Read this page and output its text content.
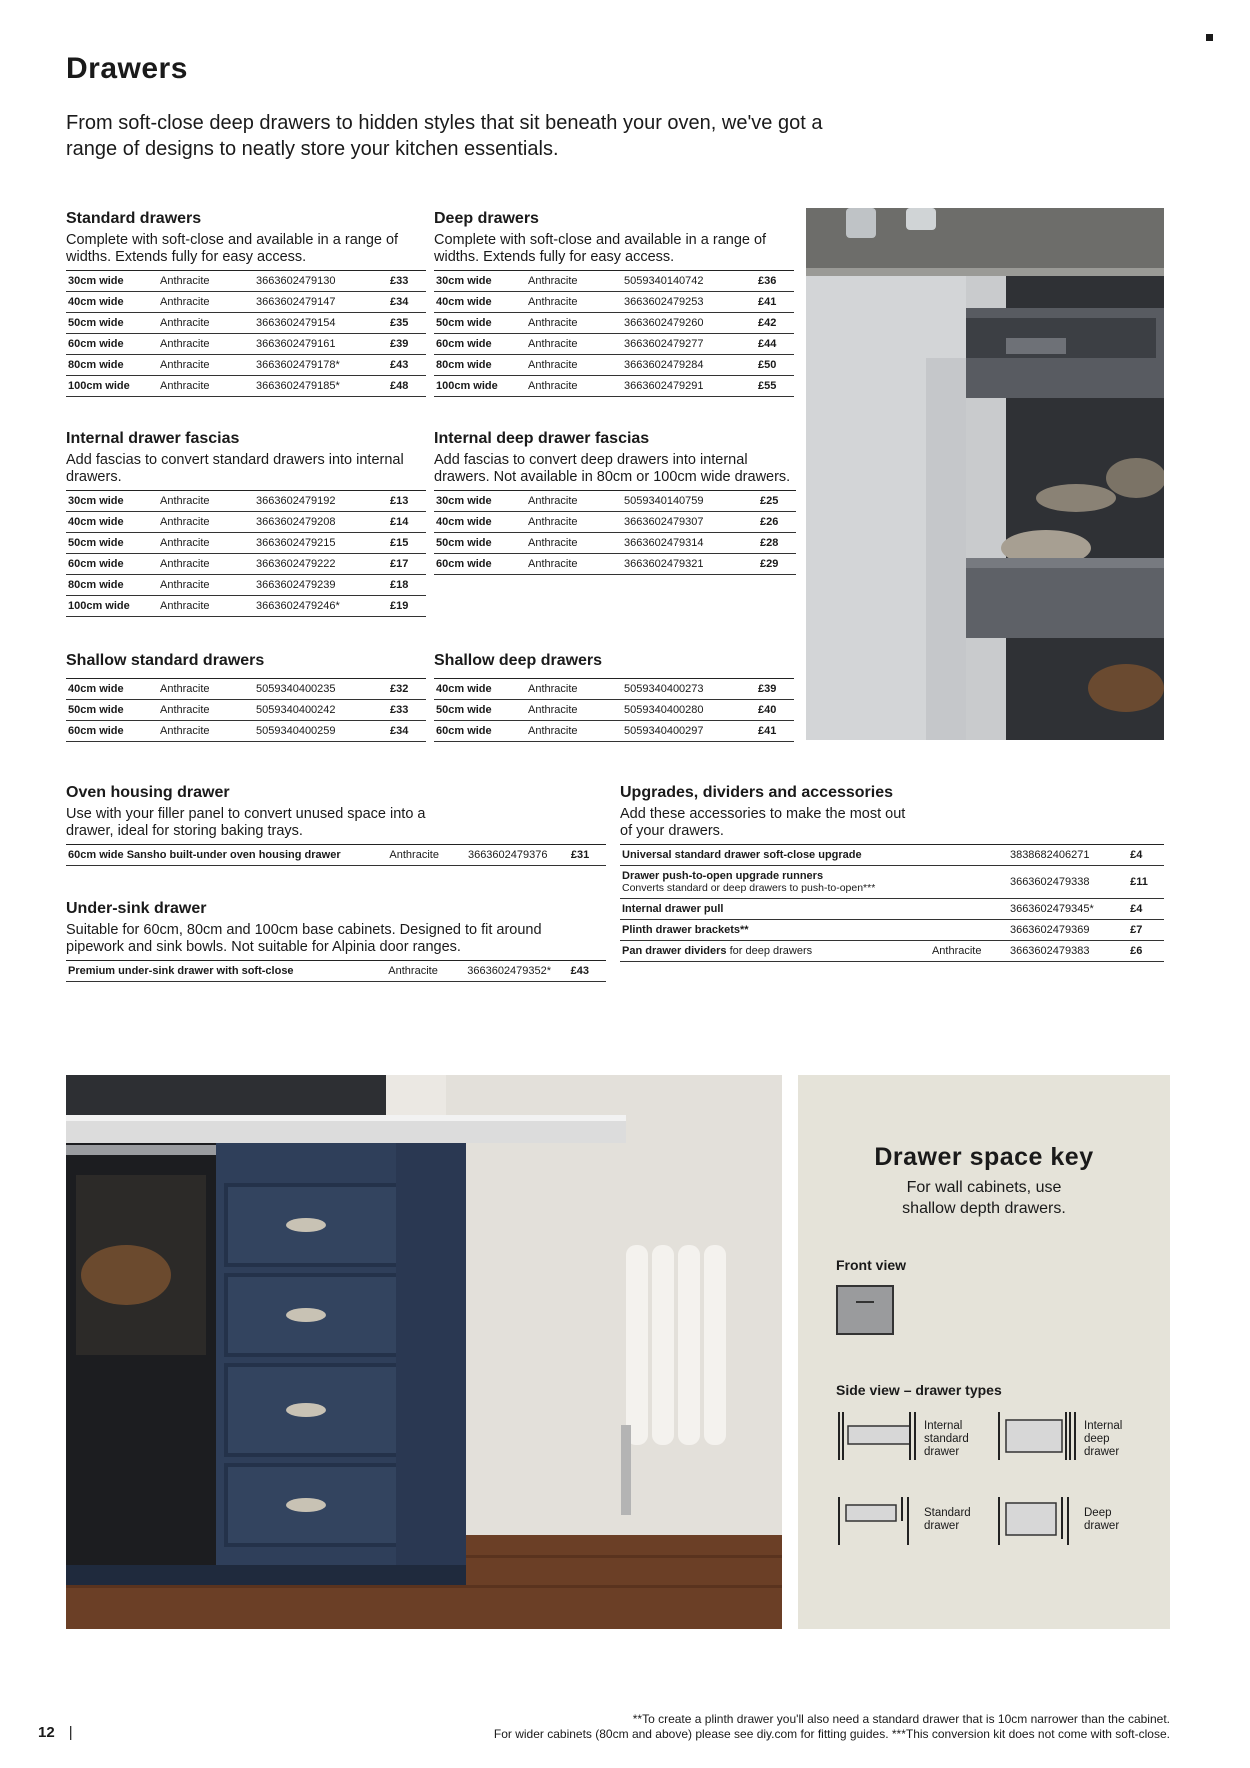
Drawers

From soft-close deep drawers to hidden styles that sit beneath your oven, we've got a range of designs to neatly store your kitchen essentials.

Standard drawers

Complete with soft-close and available in a range of widths. Extends fully for easy access.

30cm wide	Anthracite	3663602479130	£33
40cm wide	Anthracite	3663602479147	£34
50cm wide	Anthracite	3663602479154	£35
60cm wide	Anthracite	3663602479161	£39
80cm wide	Anthracite	3663602479178*	£43
100cm wide	Anthracite	3663602479185*	£48
Deep drawers

Complete with soft-close and available in a range of widths. Extends fully for easy access.

30cm wide	Anthracite	5059340140742	£36
40cm wide	Anthracite	3663602479253	£41
50cm wide	Anthracite	3663602479260	£42
60cm wide	Anthracite	3663602479277	£44
80cm wide	Anthracite	3663602479284	£50
100cm wide	Anthracite	3663602479291	£55
Internal drawer fascias

Add fascias to convert standard drawers into internal drawers.

30cm wide	Anthracite	3663602479192	£13
40cm wide	Anthracite	3663602479208	£14
50cm wide	Anthracite	3663602479215	£15
60cm wide	Anthracite	3663602479222	£17
80cm wide	Anthracite	3663602479239	£18
100cm wide	Anthracite	3663602479246*	£19
Internal deep drawer fascias

Add fascias to convert deep drawers into internal drawers. Not available in 80cm or 100cm wide drawers.

30cm wide	Anthracite	5059340140759	£25
40cm wide	Anthracite	3663602479307	£26
50cm wide	Anthracite	3663602479314	£28
60cm wide	Anthracite	3663602479321	£29
Shallow standard drawers
40cm wide	Anthracite	5059340400235	£32
50cm wide	Anthracite	5059340400242	£33
60cm wide	Anthracite	5059340400259	£34
Shallow deep drawers
40cm wide	Anthracite	5059340400273	£39
50cm wide	Anthracite	5059340400280	£40
60cm wide	Anthracite	5059340400297	£41
Oven housing drawer

Use with your filler panel to convert unused space into a drawer, ideal for storing baking trays.

60cm wide Sansho built-under oven housing drawer	Anthracite	3663602479376	£31
Under-sink drawer

Suitable for 60cm, 80cm and 100cm base cabinets. Designed to fit around pipework and sink bowls. Not suitable for Alpinia door ranges.

Premium under-sink drawer with soft-close	Anthracite	3663602479352*	£43
Upgrades, dividers and accessories

Add these accessories to make the most out of your drawers.

Universal standard drawer soft-close upgrade		3838682406271	£4
Drawer push-to-open upgrade runners
Converts standard or deep drawers to push-to-open***		3663602479338	£11
Internal drawer pull		3663602479345*	£4
Plinth drawer brackets**		3663602479369	£7
Pan drawer dividers for deep drawers	Anthracite	3663602479383	£6
Drawer space key
For wall cabinets, use shallow depth drawers.
Front view
Side view – drawer types
Internal standard drawer
Internal deep drawer
Standard drawer
Deep drawer
**To create a plinth drawer you'll also need a standard drawer that is 10cm narrower than the cabinet.
For wider cabinets (80cm and above) please see diy.com for fitting guides. ***This conversion kit does not come with soft-close.
12 |
